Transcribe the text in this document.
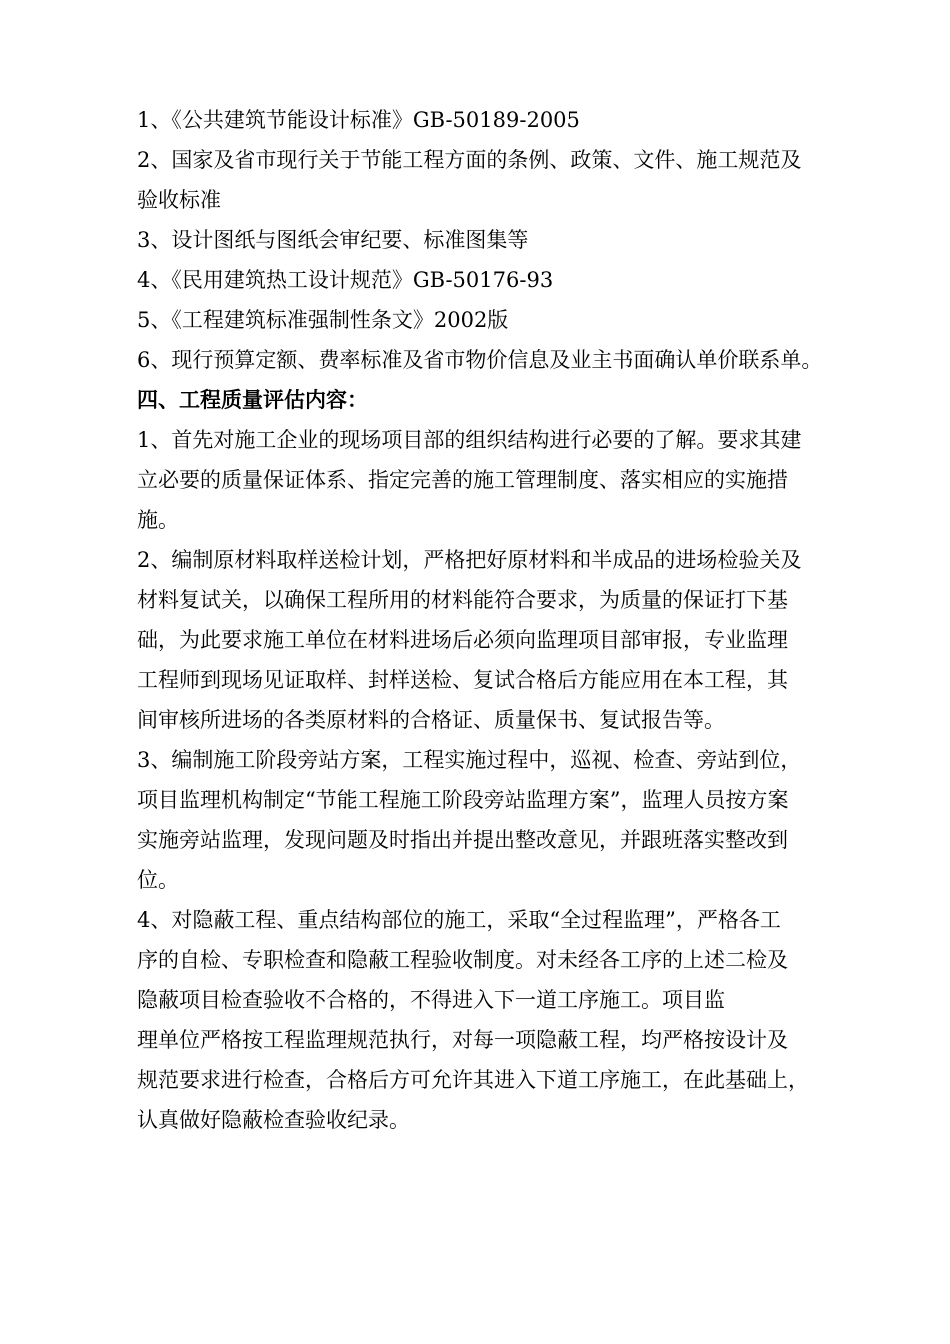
1、《公共建筑节能设计标准》GB-50189-2005
2、国家及省市现行关于节能工程方面的条例、政策、文件、施工规范及
验收标准
3、设计图纸与图纸会审纪要、标准图集等
4、《民用建筑热工设计规范》GB-50176-93
5、《工程建筑标准强制性条文》2002版
6、现行预算定额、费率标准及省市物价信息及业主书面确认单价联系单。
四、工程质量评估内容：
1、首先对施工企业的现场项目部的组织结构进行必要的了解。要求其建
立必要的质量保证体系、指定完善的施工管理制度、落实相应的实施措
施。
2、编制原材料取样送检计划，严格把好原材料和半成品的进场检验关及
材料复试关，以确保工程所用的材料能符合要求，为质量的保证打下基
础，为此要求施工单位在材料进场后必须向监理项目部审报，专业监理
工程师到现场见证取样、封样送检、复试合格后方能应用在本工程，其
间审核所进场的各类原材料的合格证、质量保书、复试报告等。
3、编制施工阶段旁站方案，工程实施过程中，巡视、检查、旁站到位，
项目监理机构制定“节能工程施工阶段旁站监理方案”，监理人员按方案
实施旁站监理，发现问题及时指出并提出整改意见，并跟班落实整改到
位。
4、对隐蔽工程、重点结构部位的施工，采取“全过程监理”，严格各工
序的自检、专职检查和隐蔽工程验收制度。对未经各工序的上述二检及
隐蔽项目检查验收不合格的，不得进入下一道工序施工。项目监
理单位严格按工程监理规范执行，对每一项隐蔽工程，均严格按设计及
规范要求进行检查，合格后方可允许其进入下道工序施工，在此基础上，
认真做好隐蔽检查验收纪录。
